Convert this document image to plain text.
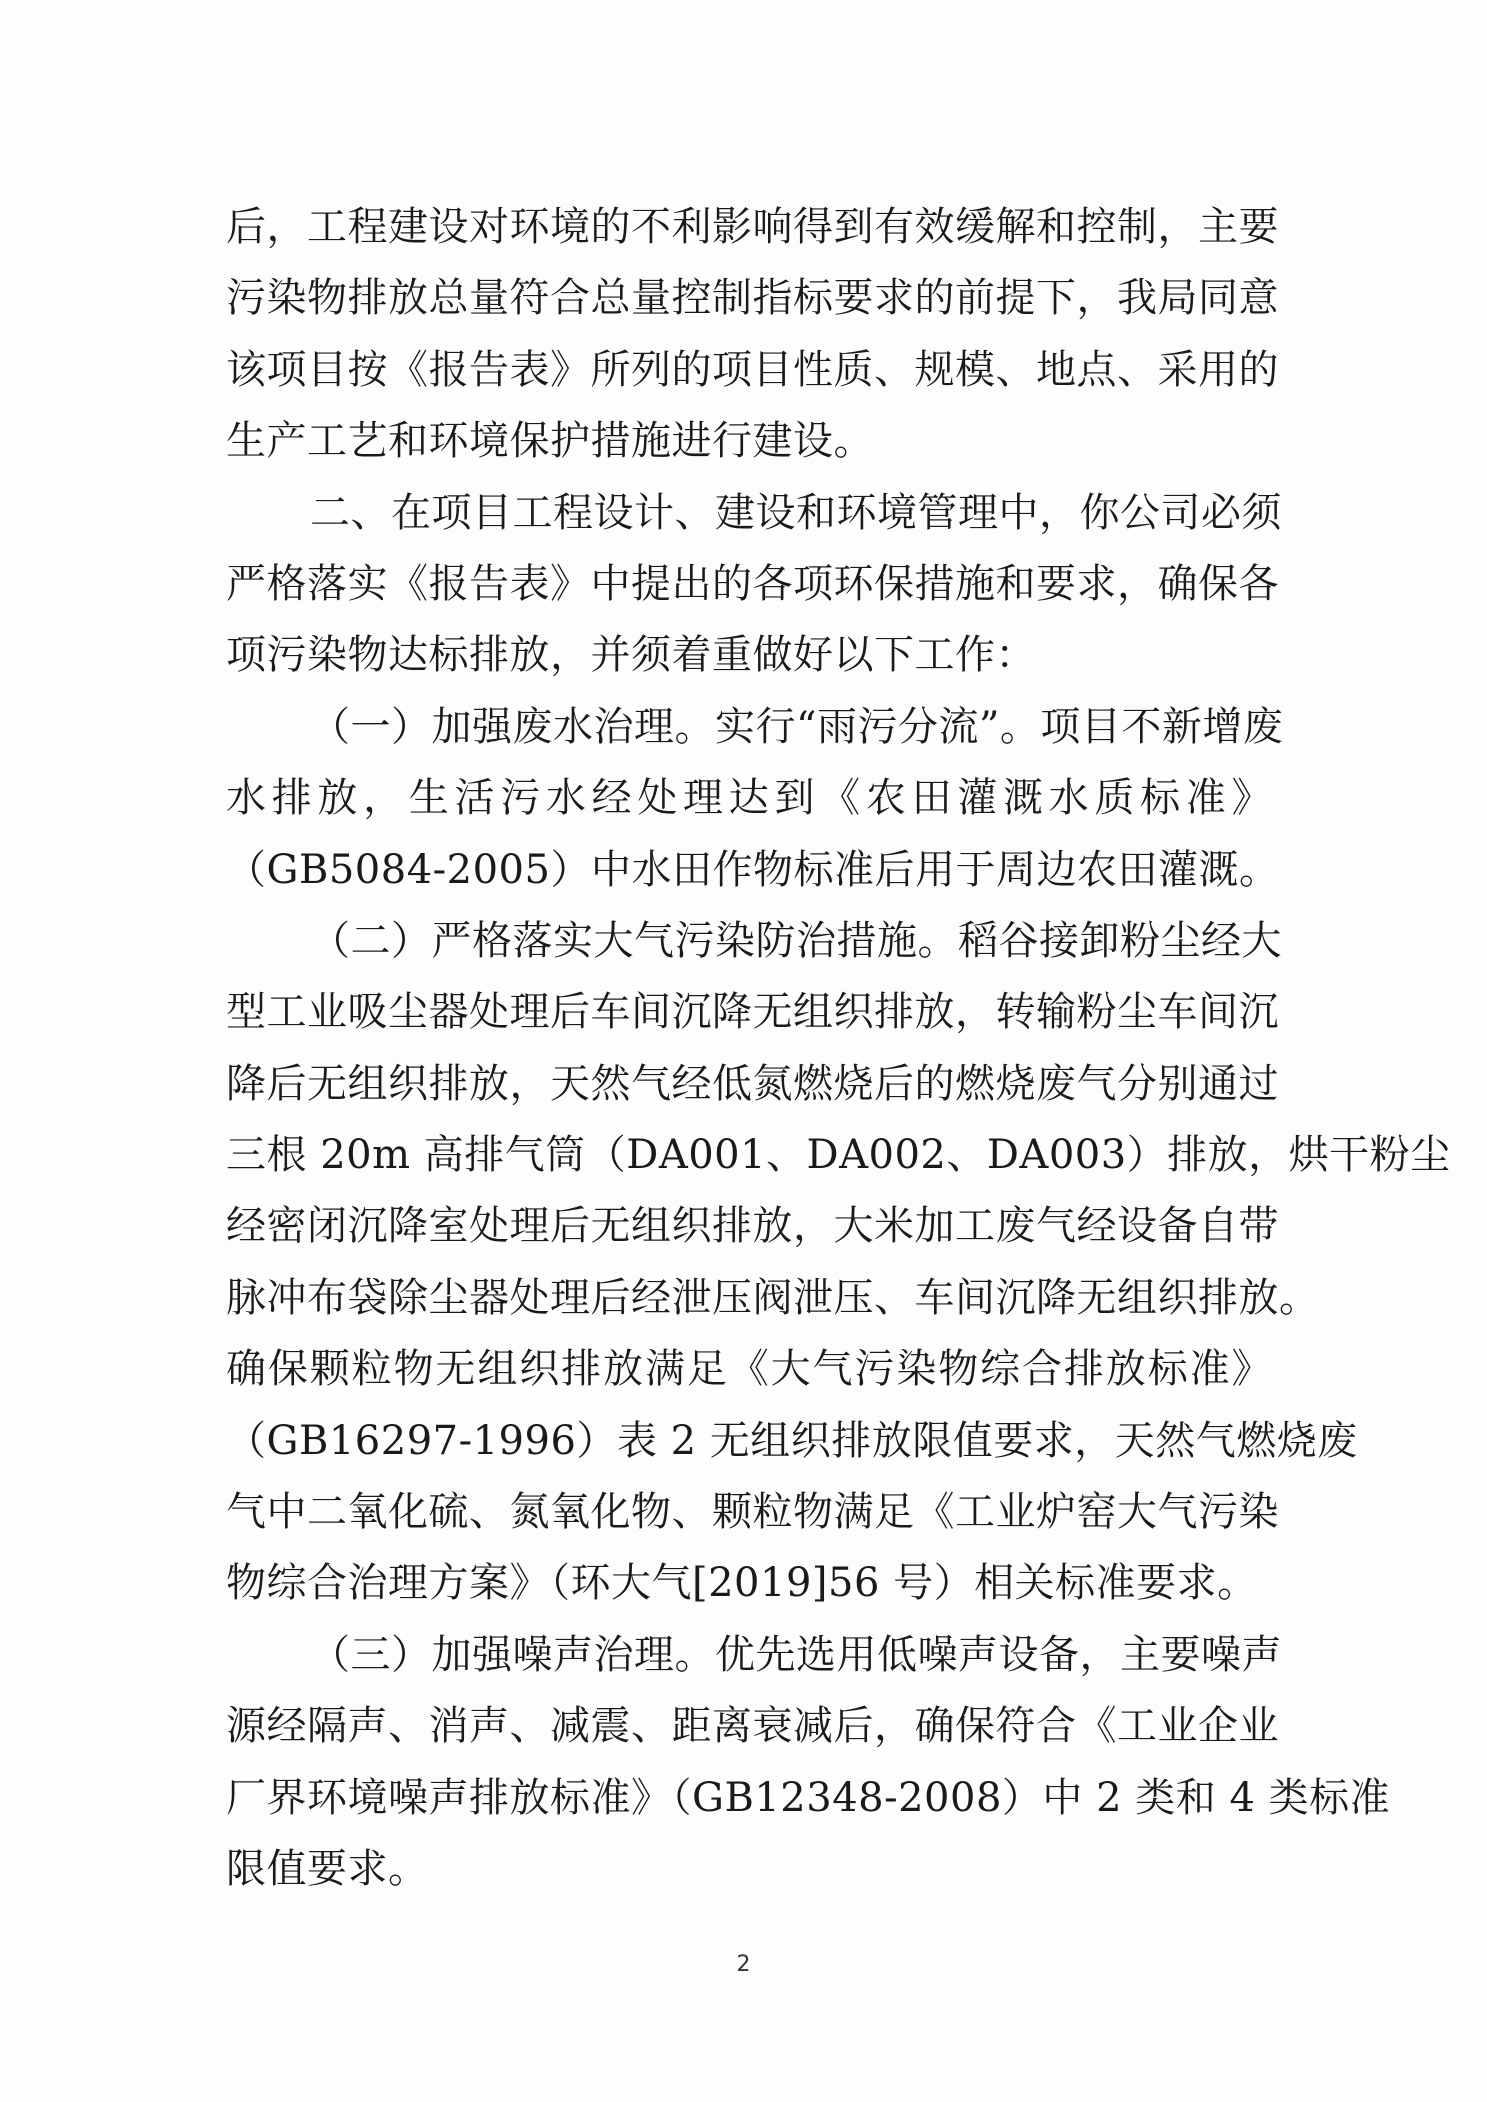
后，工程建设对环境的不利影响得到有效缓解和控制，主要
污染物排放总量符合总量控制指标要求的前提下，我局同意
该项目按《报告表》所列的项目性质、规模、地点、采用的
生产工艺和环境保护措施进行建设。
二、在项目工程设计、建设和环境管理中，你公司必须
严格落实《报告表》中提出的各项环保措施和要求，确保各
项污染物达标排放，并须着重做好以下工作：
（一）加强废水治理。实行“雨污分流”。项目不新增废
水排放，生活污水经处理达到《农田灌溉水质标准》
（GB5084-2005）中水田作物标准后用于周边农田灌溉。
（二）严格落实大气污染防治措施。稻谷接卸粉尘经大
型工业吸尘器处理后车间沉降无组织排放，转输粉尘车间沉
降后无组织排放，天然气经低氮燃烧后的燃烧废气分别通过
三根 20m 高排气筒（DA001、DA002、DA003）排放，烘干粉尘
经密闭沉降室处理后无组织排放，大米加工废气经设备自带
脉冲布袋除尘器处理后经泄压阀泄压、车间沉降无组织排放。
确保颗粒物无组织排放满足《大气污染物综合排放标准》
（GB16297-1996）表 2 无组织排放限值要求，天然气燃烧废
气中二氧化硫、氮氧化物、颗粒物满足《工业炉窑大气污染
物综合治理方案》（环大气[2019]56 号）相关标准要求。
（三）加强噪声治理。优先选用低噪声设备，主要噪声
源经隔声、消声、减震、距离衰减后，确保符合《工业企业
厂界环境噪声排放标准》（GB12348-2008）中 2 类和 4 类标准
限值要求。
2
